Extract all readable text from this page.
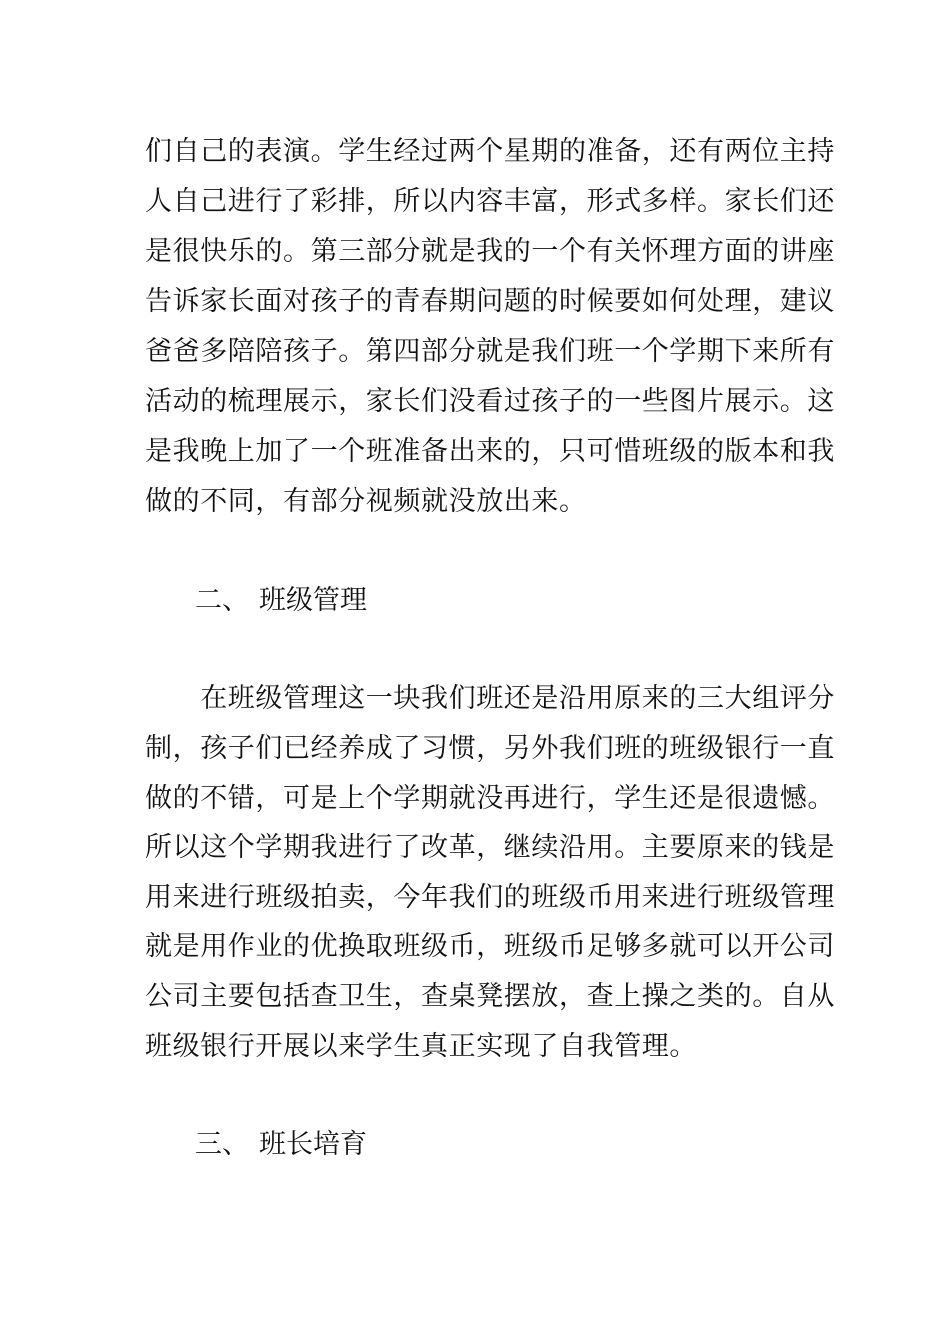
们自己的表演。学生经过两个星期的准备，还有两位主持
人自己进行了彩排，所以内容丰富，形式多样。家长们还
是很快乐的。第三部分就是我的一个有关怀理方面的讲座
告诉家长面对孩子的青春期问题的时候要如何处理，建议
爸爸多陪陪孩子。第四部分就是我们班一个学期下来所有
活动的梳理展示，家长们没看过孩子的一些图片展示。这
是我晚上加了一个班准备出来的，只可惜班级的版本和我
做的不同，有部分视频就没放出来。
二、 班级管理
　　在班级管理这一块我们班还是沿用原来的三大组评分
制，孩子们已经养成了习惯，另外我们班的班级银行一直
做的不错，可是上个学期就没再进行，学生还是很遗憾。
所以这个学期我进行了改革，继续沿用。主要原来的钱是
用来进行班级拍卖，今年我们的班级币用来进行班级管理
就是用作业的优换取班级币，班级币足够多就可以开公司
公司主要包括查卫生，查桌凳摆放，查上操之类的。自从
班级银行开展以来学生真正实现了自我管理。
三、 班长培育
